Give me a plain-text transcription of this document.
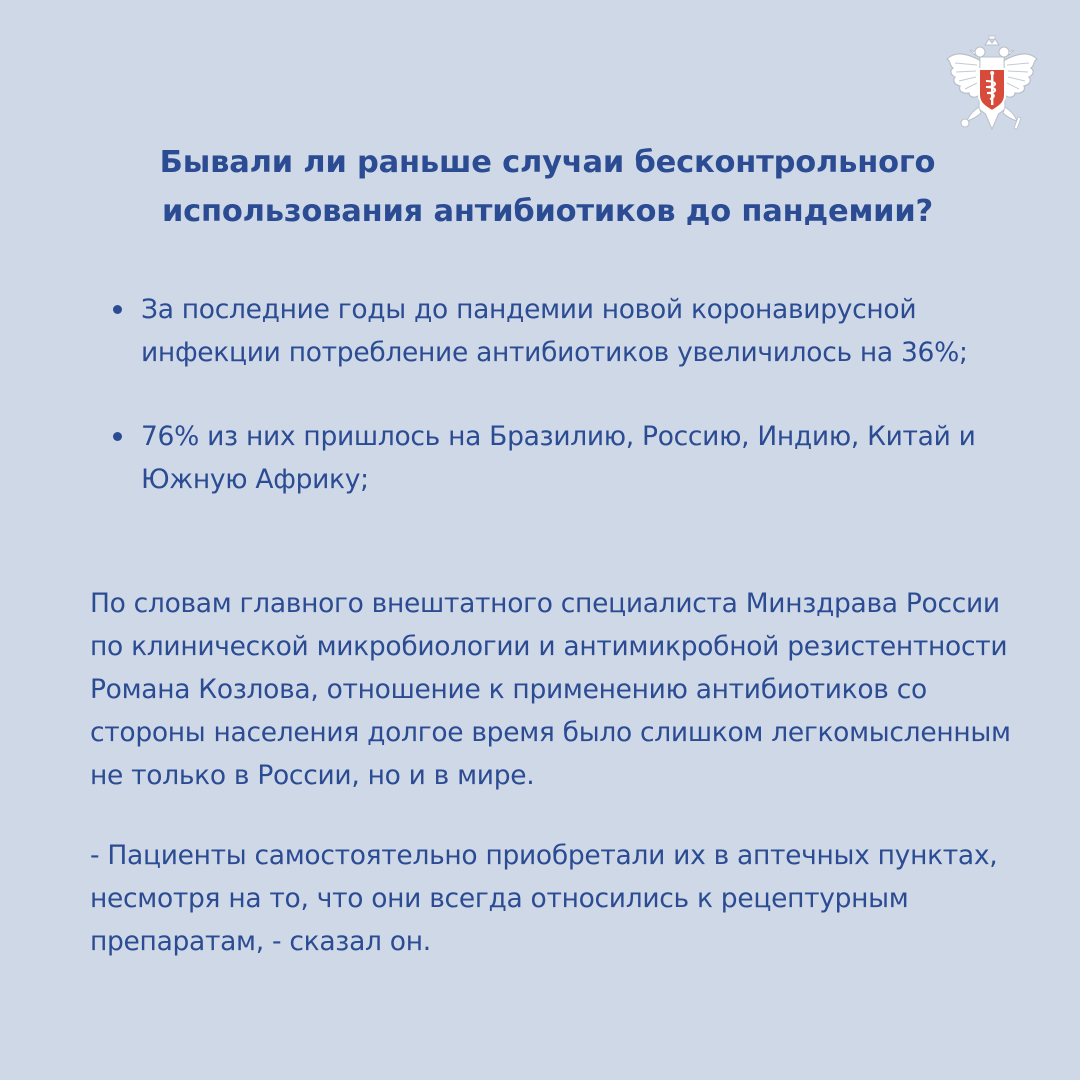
Бывали ли раньше случаи бесконтрольного использования антибиотиков до пандемии?
За последние годы до пандемии новой коронавирусной инфекции потребление антибиотиков увеличилось на 36%;
76% из них пришлось на Бразилию, Россию, Индию, Китай и Южную Африку;

По словам главного внештатного специалиста Минздрава России по клинической микробиологии и антимикробной резистентности Романа Козлова, отношение к применению антибиотиков со стороны населения долгое время было слишком легкомысленным не только в России, но и в мире.

- Пациенты самостоятельно приобретали их в аптечных пунктах, несмотря на то, что они всегда относились к рецептурным препаратам, - сказал он.
